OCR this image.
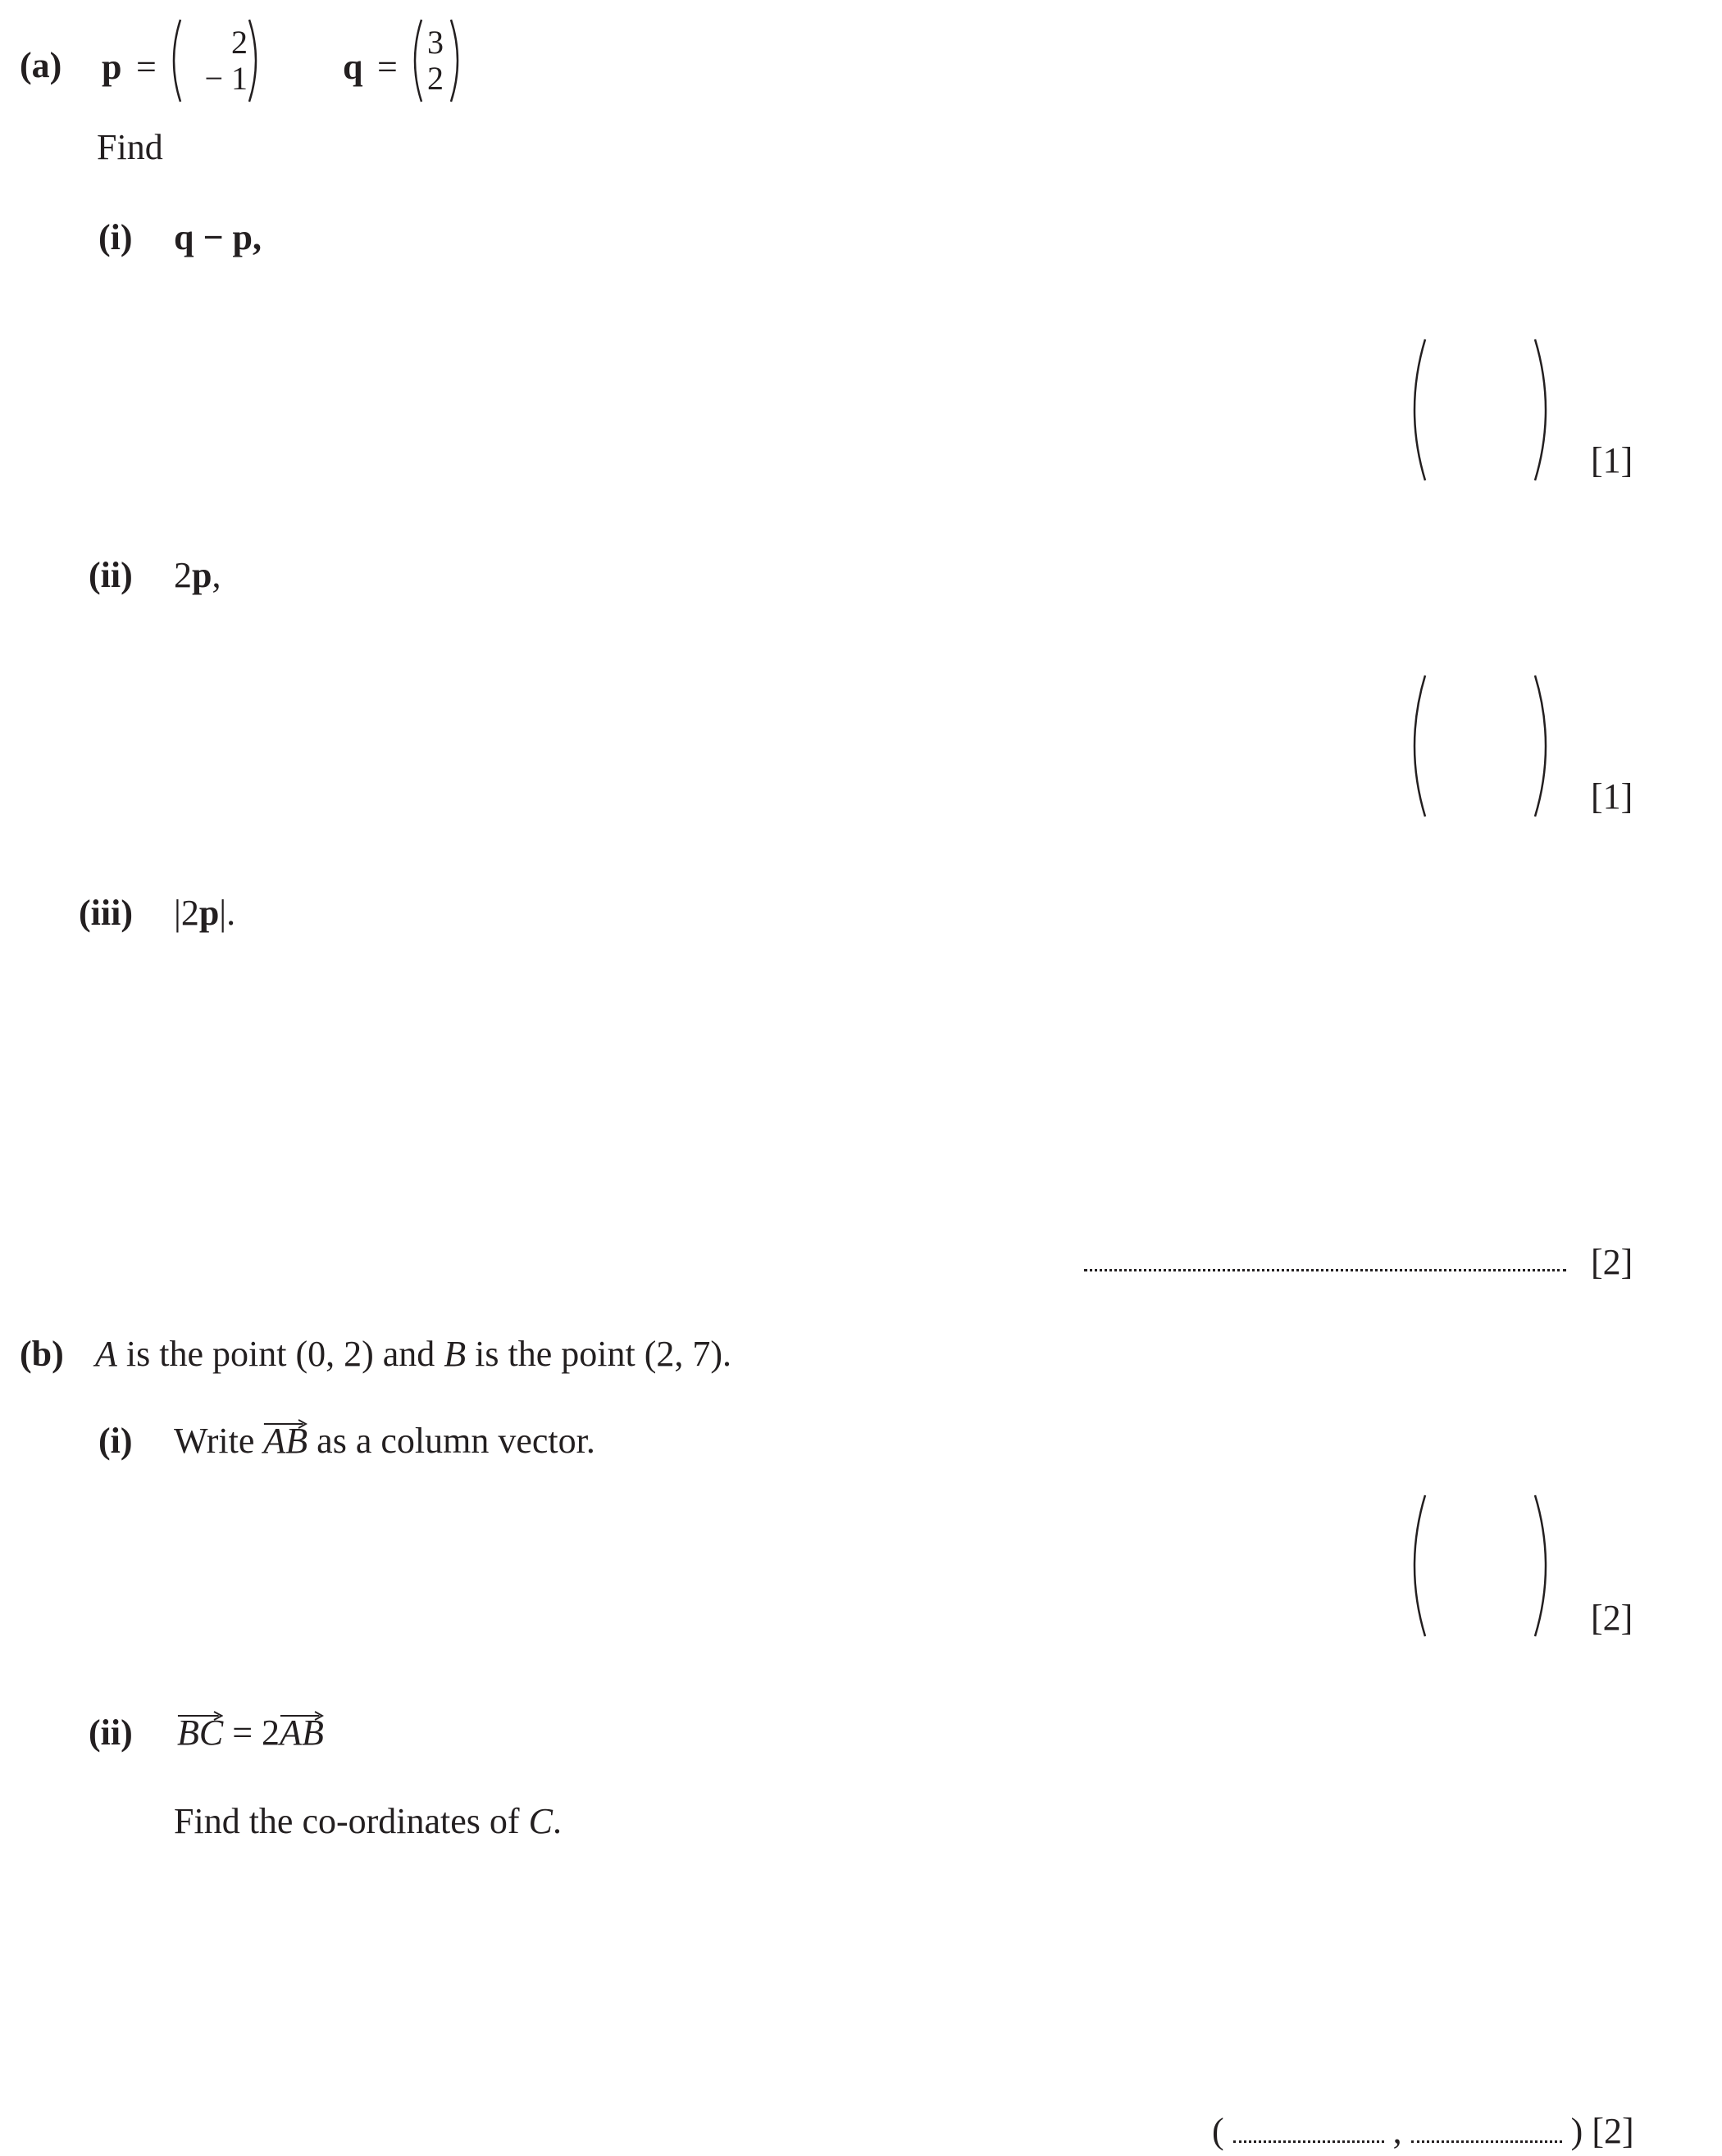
(a) p =
2
− 1	q =
3
2
Find
(i) q − p,
[1]
(ii) 2p,
[1]
(iii) |2p|.
[2]
(b) A is the point (0, 2) and B is the point (2, 7).
(i) Write
AB as a column vector.
[2]
(ii) BC = 2
AB
Find the co-ordinates of C.
(	,	) [2]
